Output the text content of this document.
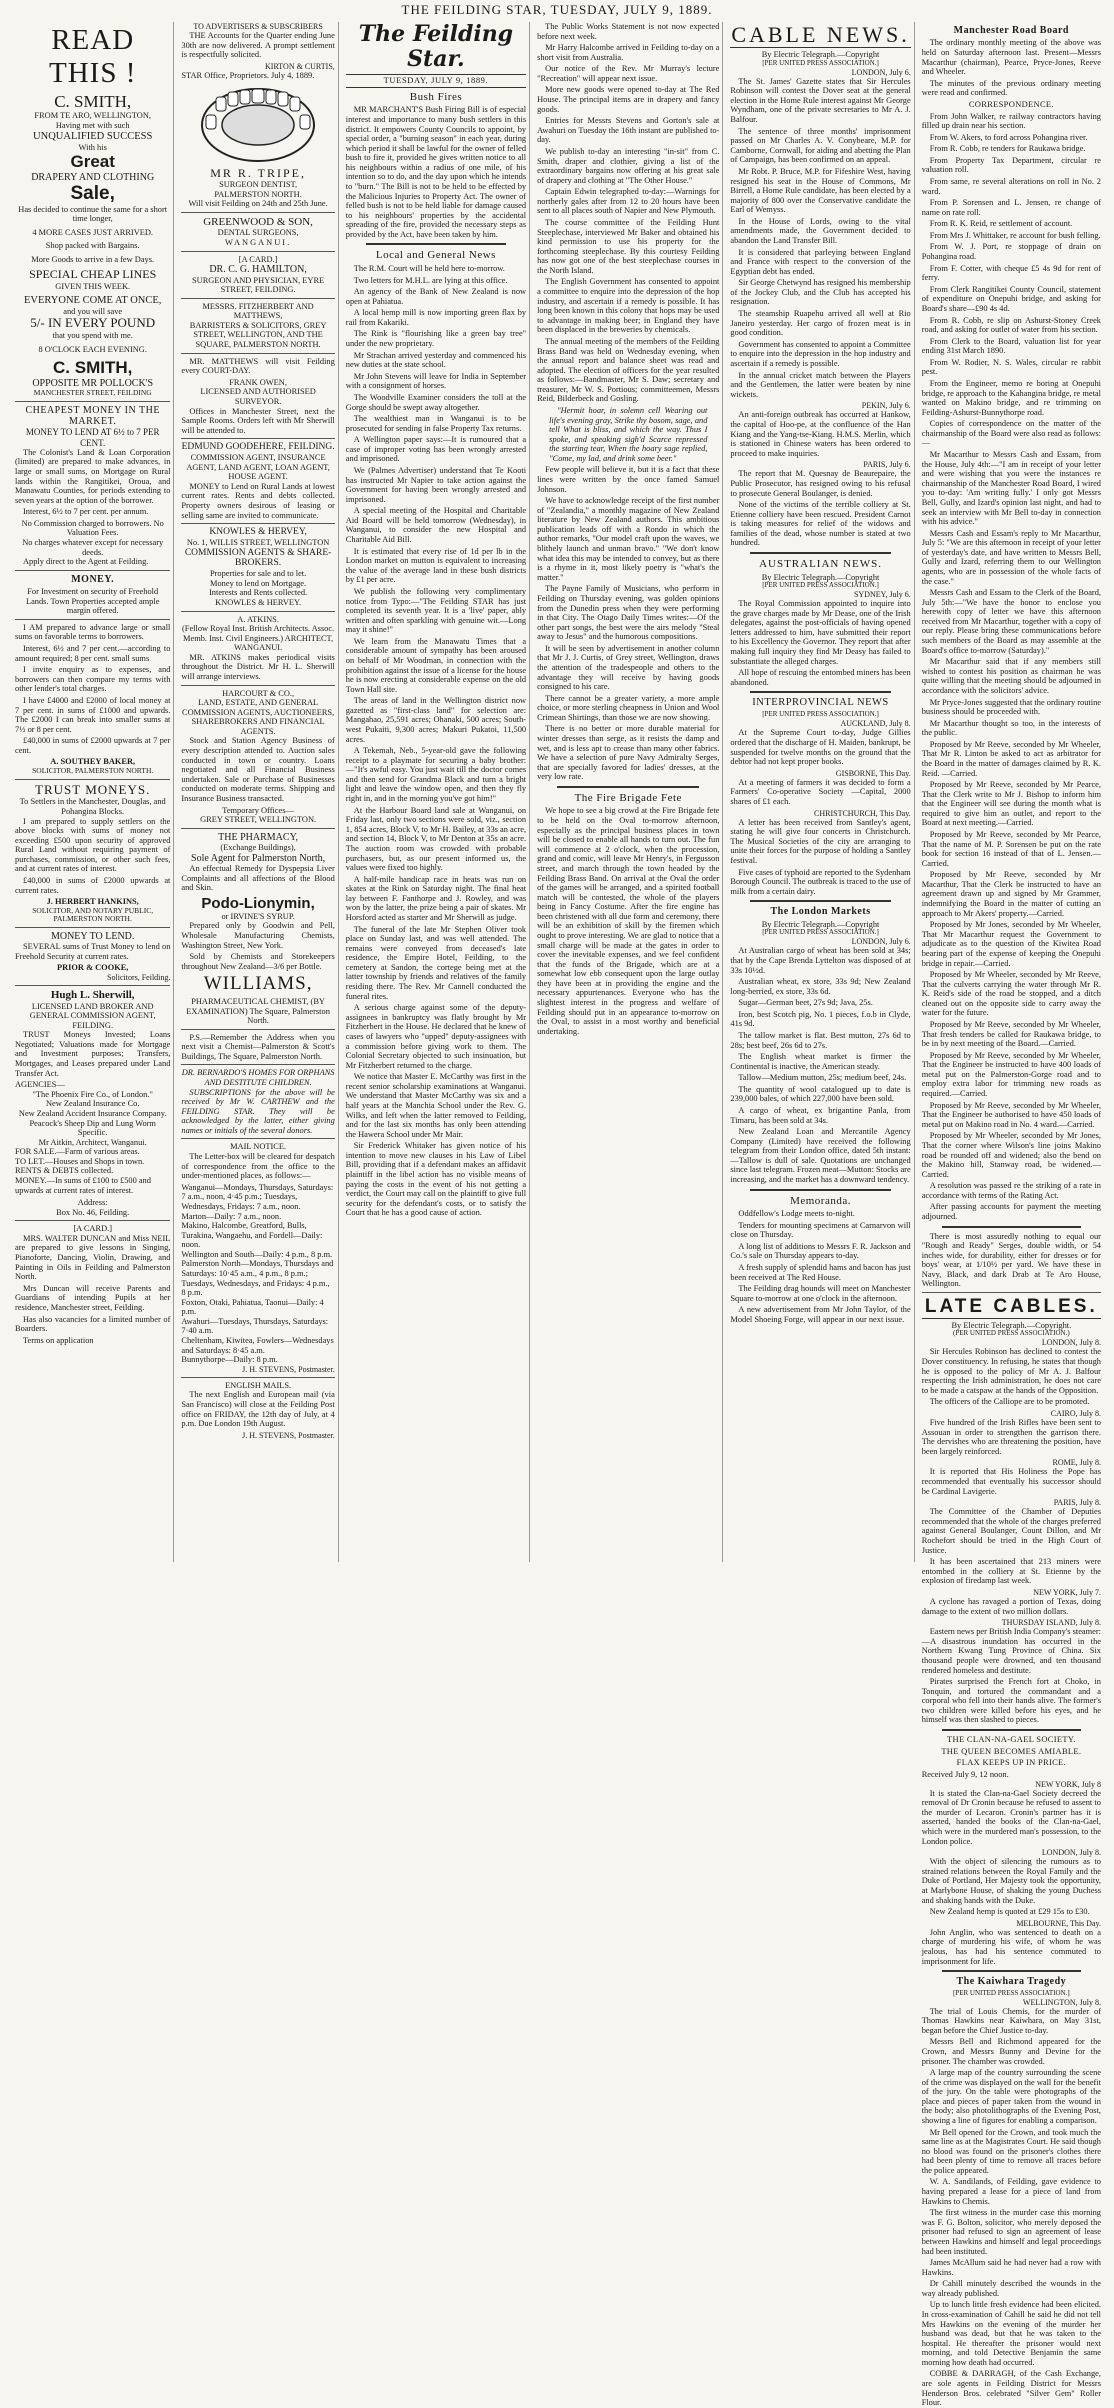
THE FEILDING STAR, TUESDAY, JULY 9, 1889.
READ THIS !
C. SMITH,
FROM TE ARO, WELLINGTON,
Having met with such
UNQUALIFIED SUCCESS
With his
Great
DRAPERY AND CLOTHING
Sale,
Has decided to continue the same for a short time longer,
4 MORE CASES JUST ARRIVED.
Shop packed with Bargains.
More Goods to arrive in a few Days.
SPECIAL CHEAP LINES
GIVEN THIS WEEK.
EVERYONE COME AT ONCE,
and you will save
5/- IN EVERY POUND
that you spend with me.
8 O'CLOCK EACH EVENING.
C. SMITH,
OPPOSITE MR POLLOCK'S
MANCHESTER STREET, FEILDING
CHEAPEST MONEY IN THE MARKET.
MONEY TO LEND AT 6½ to 7 PER CENT.
The Colonist's Land & Loan Corporation (limited) are prepared to make advances, in large or small sums, on Mortgage on Rural lands within the Rangitikei, Oroua, and Manawatu Counties, for periods extending to seven years at the option of the borrower.
Interest, 6½ to 7 per cent. per annum.
No Commission charged to borrowers. No Valuation Fees.
No charges whatever except for necessary deeds.
Apply direct to the Agent at Feilding.
MONEY.
For Investment on security of Freehold Lands. Town Properties accepted ample margin offered.
I AM prepared to advance large or small sums on favorable terms to borrowers.
Interest, 6½ and 7 per cent.—according to amount required; 8 per cent. small sums
I invite enquiry as to expenses, and borrowers can then compare my terms with other lender's total charges.
I have £4000 and £2000 of local money at 7 per cent. in sums of £1000 and upwards. The £2000 I can break into smaller sums at 7½ or 8 per cent.
£40,000 in sums of £2000 upwards at 7 per cent.
A. SOUTHEY BAKER,
SOLICITOR, PALMERSTON NORTH.
TRUST MONEYS.
To Settlers in the Manchester, Douglas, and Pohangina Blocks.
I am prepared to supply settlers on the above blocks with sums of money not exceeding £500 upon security of approved Rural Land without requiring payment of purchases, commission, or other such fees, and at current rates of interest.
£40,000 in sums of £2000 upwards at current rates.
J. HERBERT HANKINS,
SOLICITOR, AND NOTARY PUBLIC, PALMERSTON NORTH.
MONEY TO LEND.
SEVERAL sums of Trust Money to lend on Freehold Security at current rates.
PRIOR & COOKE,
Solicitors, Feilding.
Hugh L. Sherwill,
LICENSED LAND BROKER AND GENERAL COMMISSION AGENT, FEILDING.
TRUST Moneys Invested; Loans Negotiated; Valuations made for Mortgage and Investment purposes; Transfers, Mortgages, and Leases prepared under Land Transfer Act.
AGENCIES—
"The Phoenix Fire Co., of London."
New Zealand Insurance Co.
New Zealand Accident Insurance Company.
Peacock's Sheep Dip and Lung Worm Specific.
Mr Aitkin, Architect, Wanganui.
FOR SALE.—Farm of various areas.
TO LET.—Houses and Shops in town.
RENTS & DEBTS collected.
MONEY.—In sums of £100 to £500 and upwards at current rates of interest.
Address:
Box No. 46, Feilding.
[A CARD.]
MRS. WALTER DUNCAN and Miss NEIL are prepared to give lessons in Singing, Pianoforte, Dancing, Violin, Drawing, and Painting in Oils in Feilding and Palmerston North.
Mrs Duncan will receive Parents and Guardians of intending Pupils at her residence, Manchester street, Feilding.
Has also vacancies for a limited number of Boarders.
Terms on application
TO ADVERTISERS & SUBSCRIBERS
THE Accounts for the Quarter ending June 30th are now delivered. A prompt settlement is respectfully solicited.
KIRTON & CURTIS,
STAR Office, Proprietors. July 4, 1889.
MR R. TRIPE,
SURGEON DENTIST,
PALMERSTON NORTH.
Will visit Feilding on 24th and 25th June.
GREENWOOD & SON,
DENTAL SURGEONS,
WANGANUI.
[A CARD.]
DR. C. G. HAMILTON,
SURGEON AND PHYSICIAN, EYRE STREET, FEILDING.
MESSRS. FITZHERBERT AND MATTHEWS,
BARRISTERS & SOLICITORS, GREY STREET, WELLINGTON, AND THE SQUARE, PALMERSTON NORTH.
MR. MATTHEWS will visit Feilding every COURT-DAY.
FRANK OWEN,
LICENSED AND AUTHORISED SURVEYOR.
Offices in Manchester Street, next the Sample Rooms. Orders left with Mr Sherwill will be attended to.
EDMUND GOODEHERE, FEILDING.
COMMISSION AGENT, INSURANCE AGENT, LAND AGENT, LOAN AGENT, HOUSE AGENT.
MONEY to Lend on Rural Lands at lowest current rates. Rents and debts collected. Property owners desirous of leasing or selling same are invited to communicate.
KNOWLES & HERVEY,
No. 1, WILLIS STREET, WELLINGTON
COMMISSION AGENTS & SHARE-BROKERS.
Properties for sale and to let.
Money to lend on Mortgage.
Interests and Rents collected.
KNOWLES & HERVEY.
A. ATKINS.
(Fellow Royal Inst. British Architects. Assoc. Memb. Inst. Civil Engineers.) ARCHITECT, WANGANUI.
MR. ATKINS makes periodical visits throughout the District. Mr H. L. Sherwill will arrange interviews.
HARCOURT & CO.,
LAND, ESTATE, AND GENERAL COMMISSION AGENTS, AUCTIONEERS, SHAREBROKERS AND FINANCIAL AGENTS.
Stock and Station Agency Business of every description attended to. Auction sales conducted in town or country. Loans negotiated and all Financial Business undertaken. Sale or Purchase of Businesses conducted on moderate terms. Shipping and Insurance Business transacted.
Temporary Offices—
GREY STREET, WELLINGTON.
THE PHARMACY,
(Exchange Buildings),
Sole Agent for Palmerston North,
An effectual Remedy for Dyspepsia Liver Complaints and all affections of the Blood and Skin.
Podo-Lionymin,
or IRVINE'S SYRUP.
Prepared only by Goodwin and Pell, Wholesale Manufacturing Chemists, Washington Street, New York.
Sold by Chemists and Storekeepers throughout New Zealand—3/6 per Bottle.
WILLIAMS,
PHARMACEUTICAL CHEMIST, (BY EXAMINATION) The Square, Palmerston North.
P.S.—Remember the Address when you next visit a Chemist—Palmerston & Scott's Buildings, The Square, Palmerston North.
DR. BERNARDO'S HOMES FOR ORPHANS AND DESTITUTE CHILDREN.
SUBSCRIPTIONS for the above will be received by Mr W. CARTHEW and the FEILDING STAR. They will be acknowledged by the latter, either giving names or initials of the several donors.
MAIL NOTICE.
The Letter-box will be cleared for despatch of correspondence from the office to the under-mentioned places, as follows:—
Wanganui—Mondays, Thursdays, Saturdays: 7 a.m., noon, 4·45 p.m.; Tuesdays, Wednesdays, Fridays: 7 a.m., noon.
Marton—Daily: 7 a.m., noon.
Makino, Halcombe, Greatford, Bulls, Turakina, Wangaehu, and Fordell—Daily: noon.
Wellington and South—Daily: 4 p.m., 8 p.m.
Palmerston North—Mondays, Thursdays and Saturdays: 10·45 a.m., 4 p.m., 8 p.m.; Tuesdays, Wednesdays, and Fridays: 4 p.m., 8 p.m.
Foxton, Otaki, Pahiatua, Taonui—Daily: 4 p.m.
Awahuri—Tuesdays, Thursdays, Saturdays: 7·40 a.m.
Cheltenham, Kiwitea, Fowlers—Wednesdays and Saturdays: 8·45 a.m.
Bunnythorpe—Daily: 8 p.m.
J. H. STEVENS, Postmaster.
ENGLISH MAILS.
The next English and European mail (via San Francisco) will close at the Feilding Post office on FRIDAY, the 12th day of July, at 4 p.m. Due London 19th August.
J. H. STEVENS, Postmaster.
The Feilding Star.
TUESDAY, JULY 9, 1889.
Bush Fires
MR MARCHANT'S Bush Firing Bill is of especial interest and importance to many bush settlers in this district. It empowers County Councils to appoint, by special order, a "burning season" in each year, during which period it shall be lawful for the owner of felled bush to fire it, provided he gives written notice to all his neighbours within a radius of one mile, of his intention so to do, and the day upon which he intends to "burn." The Bill is not to be held to be effected by the Malicious Injuries to Property Act. The owner of felled bush is not to be held liable for damage caused to his neighbours' properties by the accidental spreading of the fire, provided the necessary steps as provided by the Act, have been taken by him.
Local and General News
The R.M. Court will be held here to-morrow.
Two letters for M.H.L. are lying at this office.
An agency of the Bank of New Zealand is now open at Pahiatua.
A local hemp mill is now importing green flax by rail from Kakariki.
The Rink is "flourishing like a green bay tree" under the new proprietary.
Mr Strachan arrived yesterday and commenced his new duties at the state school.
Mr John Stevens will leave for India in September with a consignment of horses.
The Woodville Examiner considers the toll at the Gorge should be swept away altogether.
The wealthiest man in Wanganui is to be prosecuted for sending in false Property Tax returns.
A Wellington paper says:—It is rumoured that a case of improper voting has been wrongly arrested and imprisoned.
We (Palmes Advertiser) understand that Te Kooti has instructed Mr Napier to take action against the Government for having been wrongly arrested and imprisoned.
A special meeting of the Hospital and Charitable Aid Board will be held tomorrow (Wednesday), in Wanganui, to consider the new Hospital and Charitable Aid Bill.
It is estimated that every rise of 1d per lb in the London market on mutton is equivalent to increasing the value of the average land in these bush districts by £1 per acre.
We publish the following very complimentary notice from Typo:—"The Feilding STAR has just completed its seventh year. It is a 'live' paper, ably written and often sparkling with genuine wit.—Long may it shine!"
We learn from the Manawatu Times that a considerable amount of sympathy has been aroused on behalf of Mr Woodman, in connection with the prohibition against the issue of a license for the house he is now erecting at considerable expense on the old Town Hall site.
The areas of land in the Wellington district now gazetted as "first-class land" for selection are: Mangahao, 25,591 acres; Ohanaki, 500 acres; South-west Pukaiti, 9,300 acres; Makuri Pukatoi, 11,500 acres.
A Tekemah, Neb., 5-year-old gave the following receipt to a playmate for securing a baby brother:—"It's awful easy. You just wait till the doctor comes and then send for Grandma Black and turn a bright light and leave the window open, and then they fly right in, and in the morning you've got him!"
At the Harbour Board land sale at Wanganui, on Friday last, only two sections were sold, viz., section 1, 854 acres, Block V, to Mr H. Bailey, at 33s an acre, and section 14, Block V, to Mr Denton at 35s an acre. The auction room was crowded with probable purchasers, but, as our present informed us, the values were fixed too highly.
A half-mile handicap race in heats was run on skates at the Rink on Saturday night. The final heat lay between F. Fanthorpe and J. Rowley, and was won by the latter, the prize being a pair of skates. Mr Horsford acted as starter and Mr Sherwill as judge.
The funeral of the late Mr Stephen Oliver took place on Sunday last, and was well attended. The remains were conveyed from deceased's late residence, the Empire Hotel, Feilding, to the cemetery at Sandon, the cortege being met at the latter township by friends and relatives of the family residing there. The Rev. Mr Cannell conducted the funeral rites.
A serious charge against some of the deputy-assignees in bankruptcy was flatly brought by Mr Fitzherbert in the House. He declared that he knew of cases of lawyers who "upped" deputy-assignees with a commission before giving work to them. The Colonial Secretary objected to such insinuation, but Mr Fitzherbert returned to the charge.
We notice that Master E. McCarthy was first in the recent senior scholarship examinations at Wanganui. We understand that Master McCarthy was six and a half years at the Manchia School under the Rev. G. Wilks, and left when the latter removed to Feilding, and for the last six months has only been attending the Hawera School under Mr Mair.
Sir Frederick Whitaker has given notice of his intention to move new clauses in his Law of Libel Bill, providing that if a defendant makes an affidavit plaintiff in the libel action has no visible means of paying the costs in the event of his not getting a verdict, the Court may call on the plaintiff to give full security for the defendant's costs, or to satisfy the Court that he has a good cause of action.
The Public Works Statement is not now expected before next week.
Mr Harry Halcombe arrived in Feilding to-day on a short visit from Australia.
Our notice of the Rev. Mr Murray's lecture "Recreation" will appear next issue.
More new goods were opened to-day at The Red House. The principal items are in drapery and fancy goods.
Entries for Messrs Stevens and Gorton's sale at Awahuri on Tuesday the 16th instant are published to-day.
We publish to-day an interesting "in-sit" from C. Smith, draper and clothier, giving a list of the extraordinary bargains now offering at his great sale of drapery and clothing at "The Other House."
Captain Edwin telegraphed to-day:—Warnings for northerly gales after from 12 to 20 hours have been sent to all places south of Napier and New Plymouth.
The course committee of the Feilding Hunt Steeplechase, interviewed Mr Baker and obtained his kind permission to use his property for the forthcoming steeplechase. By this courtesy Feilding has now got one of the best steeplechase courses in the North Island.
The English Government has consented to appoint a committee to enquire into the depression of the hop industry, and ascertain if a remedy is possible. It has long been known in this colony that hops may be used to advantage in making beer; in England they have been displaced in the breweries by chemicals.
The annual meeting of the members of the Feilding Brass Band was held on Wednesday evening, when the annual report and balance sheet was read and adopted. The election of officers for the year resulted as follows:—Bandmaster, Mr S. Daw; secretary and treasurer, Mr W. S. Portious; committeemen, Messrs Reid, Bilderbeck and Gosling.
"Hermit hoar, in solemn cell Wearing out life's evening gray, Strike thy bosom, sage, and tell What is bliss, and which the way. Thus I spoke, and speaking sigh'd Scarce repressed the starting tear, When the hoary sage replied, "Come, my lad, and drink some beer."
Few people will believe it, but it is a fact that these lines were written by the once famed Samuel Johnson.
We have to acknowledge receipt of the first number of "Zealandia," a monthly magazine of New Zealand literature by New Zealand authors. This ambitious publication leads off with a Rondo in which the author remarks, "Our model craft upon the waves, we blithely launch and unman bravo." "We don't know what idea this may be intended to convey, but as there is a rhyme in it, most likely poetry is "what's the matter."
The Payne Family of Musicians, who perform in Feilding on Thursday evening, was golden opinions from the Dunedin press when they were performing in that City. The Otago Daily Times writes:—Of the other part songs, the best were the airs melody "Steal away to Jesus" and the humorous compositions.
It will be seen by advertisement in another column that Mr J. J. Curtis, of Grey street, Wellington, draws the attention of the tradespeople and others to the advantage they will receive by having goods consigned to his care.
There cannot be a greater variety, a more ample choice, or more sterling cheapness in Union and Wool Crimean Shirtings, than those we are now showing.
There is no better or more durable material for winter dresses than serge, as it resists the damp and wet, and is less apt to crease than many other fabrics. We have a selection of pure Navy Admiralty Serges, that are specially favored for ladies' dresses, at the very low rate.
The Fire Brigade Fete
We hope to see a big crowd at the Fire Brigade fete to be held on the Oval to-morrow afternoon, especially as the principal business places in town will be closed to enable all hands to turn out. The fun will commence at 2 o'clock, when the procession, grand and comic, will leave Mr Henry's, in Fergusson street, and march through the town headed by the Feilding Brass Band. On arrival at the Oval the order of the games will be arranged, and a spirited football match will be contested, the whole of the players being in Fancy Costume. After the fire engine has been christened with all due form and ceremony, there will be an exhibition of skill by the firemen which ought to prove interesting. We are glad to notice that a small charge will be made at the gates in order to cover the inevitable expenses, and we feel confident that the funds of the Brigade, which are at a somewhat low ebb consequent upon the large outlay they have been at in providing the engine and the necessary appurtenances. Everyone who has the slightest interest in the progress and welfare of Feilding should put in an appearance to-morrow on the Oval, to assist in a most worthy and beneficial undertaking.
CABLE NEWS.
By Electric Telegraph.—Copyright
[PER UNITED PRESS ASSOCIATION.]
LONDON, July 6.
The St. James' Gazette states that Sir Hercules Robinson will contest the Dover seat at the general election in the Home Rule interest against Mr George Wyndham, one of the private secretaries to Mr A. J. Balfour.
The sentence of three months' imprisonment passed on Mr Charles A. V. Conybeare, M.P. for Camborne, Cornwall, for aiding and abetting the Plan of Campaign, has been confirmed on an appeal.
Mr Robt. P. Bruce, M.P. for Fifeshire West, having resigned his seat in the House of Commons, Mr Birrell, a Home Rule candidate, has been elected by a majority of 800 over the Conservative candidate the Earl of Wemyss.
In the House of Lords, owing to the vital amendments made, the Government decided to abandon the Land Transfer Bill.
It is considered that parleying between England and France with respect to the conversion of the Egyptian debt has ended.
Sir George Chetwynd has resigned his membership of the Jockey Club, and the Club has accepted his resignation.
The steamship Ruapehu arrived all well at Rio Janeiro yesterday. Her cargo of frozen meat is in good condition.
Government has consented to appoint a Committee to enquire into the depression in the hop industry and ascertain if a remedy is possible.
In the annual cricket match between the Players and the Gentlemen, the latter were beaten by nine wickets.
PEKIN, July 6.
An anti-foreign outbreak has occurred at Hankow, the capital of Hoo-pe, at the confluence of the Han Kiang and the Yang-tse-Kiang. H.M.S. Merlin, which is stationed in Chinese waters has been ordered to proceed to make inquiries.
PARIS, July 6.
The report that M. Quesnay de Beaurepaire, the Public Prosecutor, has resigned owing to his refusal to prosecute General Boulanger, is denied.
None of the victims of the terrible colliery at St. Etienne colliery have been rescued. President Carnot is taking measures for relief of the widows and families of the dead, whose number is stated at two hundred.
AUSTRALIAN NEWS.
By Electric Telegraph.—Copyright
[PER UNITED PRESS ASSOCIATION.]
SYDNEY, July 6.
The Royal Commission appointed to inquire into the grave charges made by Mr Dease, one of the Irish delegates, against the post-officials of having opened letters addressed to him, have submitted their report to his Excellency the Governor. They report that after making full inquiry they find Mr Deasy has failed to substantiate the alleged charges.
All hope of rescuing the entombed miners has been abandoned.
INTERPROVINCIAL NEWS
[PER UNITED PRESS ASSOCIATION.]
AUCKLAND, July 8.
At the Supreme Court to-day, Judge Gillies ordered that the discharge of H. Maiden, bankrupt, be suspended for twelve months on the ground that the debtor had not kept proper books.
GISBORNE, This Day.
At a meeting of farmers it was decided to form a Farmers' Co-operative Society —Capital, 2000 shares of £1 each.
CHRISTCHURCH, This Day.
A letter has been received from Santley's agent, stating he will give four concerts in Christchurch. The Musical Societies of the city are arranging to unite their forces for the purpose of holding a Santley festival.
Five cases of typhoid are reported to the Sydenham Borough Council. The outbreak is traced to the use of milk from a certain dairy.
The London Markets
By Electric Telegraph.—Copyright
[PER UNITED PRESS ASSOCIATION.]
LONDON, July 6.
At Australian cargo of wheat has been sold at 34s; that by the Cape Brenda Lyttelton was disposed of at 33s 10½d.
Australian wheat, ex store, 33s 9d; New Zealand long-berried, ex store, 33s 6d.
Sugar—German beet, 27s 9d; Java, 25s.
Iron, best Scotch pig, No. 1 pieces, f.o.b in Clyde, 41s 9d.
The tallow market is flat. Best mutton, 27s 6d to 28s; best beef, 26s 6d to 27s.
The English wheat market is firmer the Continental is inactive, the American steady.
Tallow—Medium mutton, 25s; medium beef, 24s.
The quantity of wool catalogued up to date is 239,000 bales, of which 227,000 have been sold.
A cargo of wheat, ex brigantine Panla, from Timaru, has been sold at 34s.
New Zealand Loan and Mercantile Agency Company (Limited) have received the following telegram from their London office, dated 5th instant:—Tallow is dull of sale. Quotations are unchanged since last telegram. Frozen meat—Mutton: Stocks are increasing, and the market has a downward tendency.
Memoranda.
Oddfellow's Lodge meets to-night.
Tenders for mounting specimens at Carnarvon will close on Thursday.
A long list of additions to Messrs F. R. Jackson and Co.'s sale on Thursday appears to-day.
A fresh supply of splendid hams and bacon has just been received at The Red House.
The Feilding drag hounds will meet on Manchester Square to-morrow at one o'clock in the afternoon.
A new advertisement from Mr John Taylor, of the Model Shoeing Forge, will appear in our next issue.
Manchester Road Board
The ordinary monthly meeting of the above was held on Saturday afternoon last. Present—Messrs Macarthur (chairman), Pearce, Pryce-Jones, Reeve and Wheeler.
The minutes of the previous ordinary meeting were read and confirmed.
CORRESPONDENCE.
From John Walker, re railway contractors having filled up drain near his section.
From W. Akers, to ford across Pohangina river.
From R. Cobb, re tenders for Raukawa bridge.
From Property Tax Department, circular re valuation roll.
From same, re several alterations on roll in No. 2 ward.
From P. Sorensen and L. Jensen, re change of name on rate roll.
From R. K. Reid, re settlement of account.
From Mrs J. Whittaker, re account for bush felling.
From W. J. Port, re stoppage of drain on Pohangina road.
From F. Cotter, with cheque £5 4s 9d for rent of ferry.
From Clerk Rangitikei County Council, statement of expenditure on Onepuhi bridge, and asking for Board's share—£90 4s 4d.
From R. Cobb, re slip on Ashurst-Stoney Creek road, and asking for outlet of water from his section.
From Clerk to the Board, valuation list for year ending 31st March 1890.
From W. Rodier, N. S. Wales, circular re rabbit pest.
From the Engineer, memo re boring at Onepuhi bridge, re approach to the Kahangina bridge, re metal wanted on Makino bridge, and re trimming on Feilding-Ashurst-Bunnythorpe road.
Copies of correspondence on the matter of the chairmanship of the Board were also read as follows:—
Mr Macarthur to Messrs Cash and Essam, from the House, July 4th:—"I am in receipt of your letter and were wishing that you were the instances re chairmanship of the Manchester Road Board, I wired you to-day: 'Am writing fully.' I only got Messrs Bell, Gully, and Izard's opinion last night, and had to seek an interview with Mr Bell to-day in connection with his advice."
Messrs Cash and Essam's reply to Mr Macarthur, July 5: "We are this afternoon in receipt of your letter of yesterday's date, and have written to Messrs Bell, Gully and Izard, referring them to our Wellington agents, who are in possession of the whole facts of the case."
Messrs Cash and Essam to the Clerk of the Board, July 5th:—"We have the honor to enclose you herewith copy of letter we have this afternoon received from Mr Macarthur, together with a copy of our reply. Please bring these communications before such members of the Board as may assemble at the Board's office to-morrow (Saturday)."
Mr Macarthur said that if any members still wished to contest his position as chairman he was quite willing that the meeting should be adjourned in accordance with the solicitors' advice.
Mr Pryce-Jones suggested that the ordinary routine business should be proceeded with.
Mr Macarthur thought so too, in the interests of the public.
Proposed by Mr Reeve, seconded by Mr Wheeler, That Mr R. Linton be asked to act as arbitrator for the Board in the matter of damages claimed by R. K. Reid. —Carried.
Proposed by Mr Reeve, seconded by Mr Pearce, That the Clerk write to Mr J. Bishop to inform him that the Engineer will see during the month what is required to give him an outlet, and report to the Board at next meeting.—Carried.
Proposed by Mr Reeve, seconded by Mr Pearce, That the name of M. P. Sorensen be put on the rate book for section 16 instead of that of L. Jensen.—Carried.
Proposed by Mr Reeve, seconded by Mr Macarthur, That the Clerk be instructed to have an agreement drawn up and signed by Mr Grammer, indemnifying the Board in the matter of cutting an approach to Mr Akers' property.—Carried.
Proposed by Mr Jones, seconded by Mr Wheeler, That Mr Macarthur request the Government to adjudicate as to the question of the Kiwitea Road bearing part of the expense of keeping the Onepuhi bridge in repair.—Carried.
Proposed by Mr Wheeler, seconded by Mr Reeve, That the culverts carrying the water through Mr R. K. Reid's side of the road be stopped, and a ditch cleaned out on the opposite side to carry away the water for the future.
Proposed by Mr Reeve, seconded by Mr Wheeler, That fresh tenders be called for Raukawa bridge, to be in by next meeting of the Board.—Carried.
Proposed by Mr Reeve, seconded by Mr Wheeler, That the Engineer be instructed to have 400 loads of metal put on the Palmerston-Gorge road and to employ extra labor for trimming new roads as required.—Carried.
Proposed by Mr Reeve, seconded by Mr Wheeler, That the Engineer be authorised to have 450 loads of metal put on Makino road in No. 4 ward.—Carried.
Proposed by Mr Wheeler, seconded by Mr Jones, That the corner where Wilson's line joins Makino road be rounded off and widened; also the bend on the Makino hill, Stanway road, be widened.—Carried.
A resolution was passed re the striking of a rate in accordance with terms of the Rating Act.
After passing accounts for payment the meeting adjourned.
There is most assuredly nothing to equal our "Rough and Ready" Serges, double width, or 54 inches wide, for durability, either for dresses or for boys' wear, at 1/10½ per yard. We have these in Navy, Black, and dark Drab at Te Aro House, Wellington.
LATE CABLES.
By Electric Telegraph.—Copyright.
(PER UNITED PRESS ASSOCIATION.)
LONDON, July 8.
Sir Hercules Robinson has declined to contest the Dover constituency. In refusing, he states that though he is opposed to the policy of Mr A. J. Balfour respecting the Irish administration, he does not care to be made a catspaw at the hands of the Opposition.
The officers of the Calliope are to be promoted.
CAIRO, July 8.
Five hundred of the Irish Rifles have been sent to Assouan in order to strengthen the garrison there. The dervishes who are threatening the position, have been largely reinforced.
ROME, July 8.
It is reported that His Holiness the Pope has recommended that eventually his successor should be Cardinal Lavigerie.
PARIS, July 8.
The Committee of the Chamber of Deputies recommended that the whole of the charges preferred against General Boulanger, Count Dillon, and Mr Rochefort should be tried in the High Court of Justice.
It has been ascertained that 213 miners were entombed in the colliery at St. Etienne by the explosion of firedamp last week.
NEW YORK, July 7.
A cyclone has ravaged a portion of Texas, doing damage to the extent of two million dollars.
THURSDAY ISLAND, July 8.
Eastern news per British India Company's steamer:—A disastrous inundation has occurred in the Northern Kwang Tung Province of China. Six thousand people were drowned, and ten thousand rendered homeless and destitute.
Pirates surprised the French fort at Choko, in Tonquin, and tortured the commandant and a corporal who fell into their hands alive. The former's two children were killed before his eyes, and he himself was then slashed to pieces.
THE CLAN-NA-GAEL SOCIETY.
THE QUEEN BECOMES AMIABLE.
FLAX KEEPS UP IN PRICE.
Received July 9, 12 noon.
NEW YORK, July 8
It is stated the Clan-na-Gael Society decreed the removal of Dr Cronin because he refused to assent to the murder of Lecaron. Cronin's partner has it is asserted, handed the books of the Clan-na-Gael, which were in the murdered man's possession, to the London police.
LONDON, July 8.
With the object of silencing the rumours as to strained relations between the Royal Family and the Duke of Portland, Her Majesty took the opportunity, at Marlybone House, of shaking the young Duchess and shaking hands with the Duke.
New Zealand hemp is quoted at £29 15s to £30.
MELBOURNE, This Day.
John Anglin, who was sentenced to death on a charge of murdering his wife, of whom he was jealous, has had his sentence commuted to imprisonment for life.
The Kaiwhara Tragedy
[PER UNITED PRESS ASSOCIATION.]
WELLINGTON, July 8.
The trial of Louis Chemis, for the murder of Thomas Hawkins near Kaiwhara, on May 31st, began before the Chief Justice to-day.
Messrs Bell and Richmond appeared for the Crown, and Messrs Bunny and Devine for the prisoner. The chamber was crowded.
A large map of the country surrounding the scene of the crime was displayed on the wall for the benefit of the jury. On the table were photographs of the place and pieces of paper taken from the wound in the body; also photolithographs of the Evening Post, showing a line of figures for enabling a comparison.
Mr Bell opened for the Crown, and took much the same line as at the Magistrates Court. He said though no blood was found on the prisoner's clothes there had been plenty of time to remove all traces before the police appeared.
W. A. Sandilands, of Feilding, gave evidence to having prepared a lease for a piece of land from Hawkins to Chemis.
The first witness in the murder case this morning was F. G. Bolton, solicitor, who merely deposed the prisoner had refused to sign an agreement of lease between Hawkins and himself and legal proceedings had been instituted.
James McAllum said he had never had a row with Hawkins.
Dr Cahill minutely described the wounds in the way already published.
Up to lunch little fresh evidence had been elicited. In cross-examination of Cahill he said he did not tell Mrs Hawkins on the evening of the murder her husband was dead, but that he was taken to the hospital. He thereafter the prisoner would next morning, and told Detective Benjamin the same morning how death had occurred.
COBBE & DARRAGH, of the Cash Exchange, are sole agents in Feilding District for Messrs Henderson Bros. celebrated "Silver Gem" Roller Flour.
